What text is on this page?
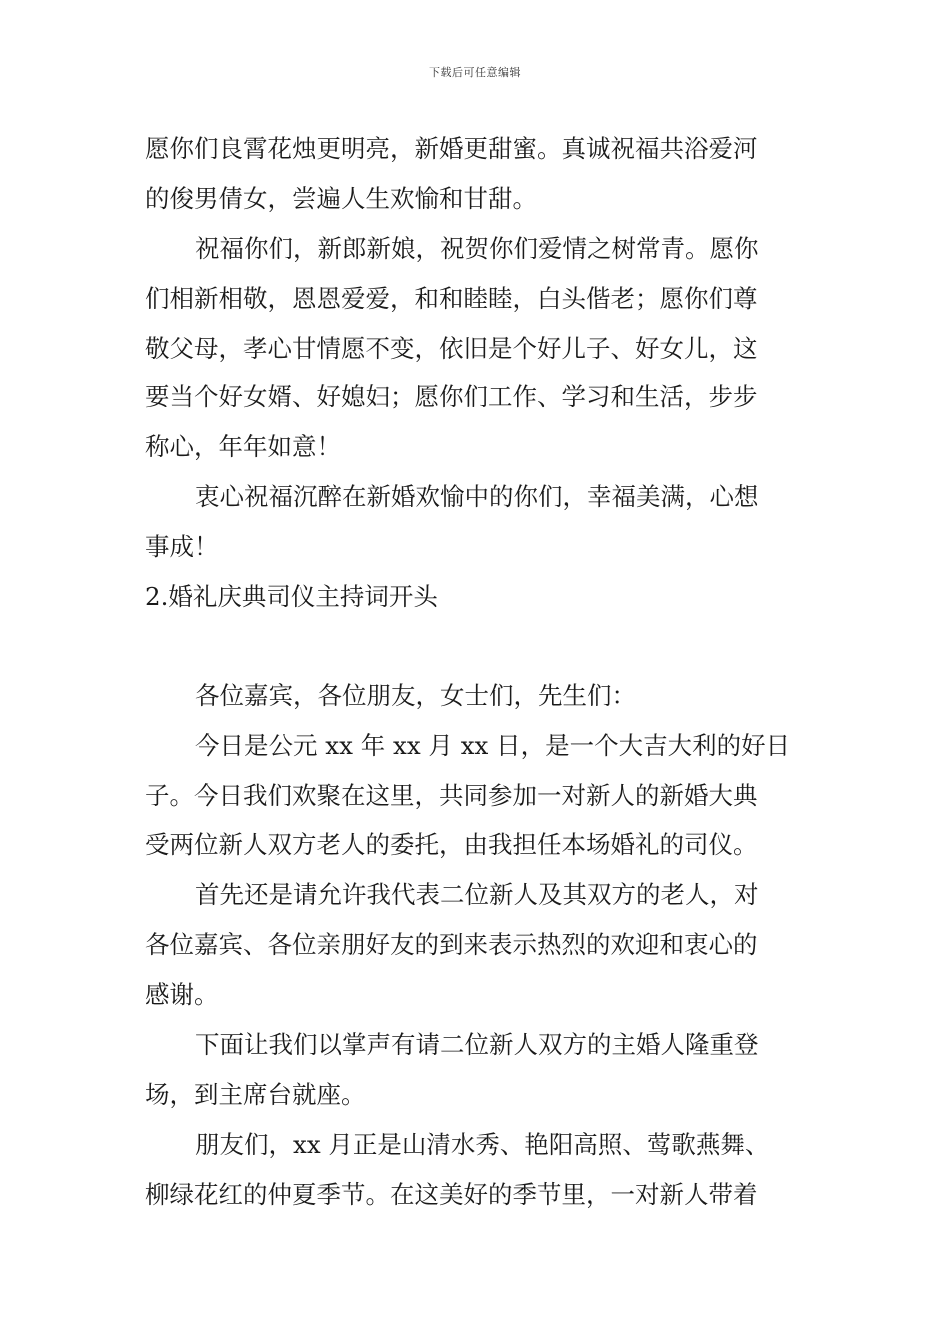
下载后可任意编辑
愿你们良霄花烛更明亮，新婚更甜蜜。真诚祝福共浴爱河
的俊男倩女，尝遍人生欢愉和甘甜。
祝福你们，新郎新娘，祝贺你们爱情之树常青。愿你
们相新相敬，恩恩爱爱，和和睦睦，白头偕老；愿你们尊
敬父母，孝心甘情愿不变，依旧是个好儿子、好女儿，这
要当个好女婿、好媳妇；愿你们工作、学习和生活，步步
称心，年年如意！
衷心祝福沉醉在新婚欢愉中的你们，幸福美满，心想
事成！
2.婚礼庆典司仪主持词开头
各位嘉宾，各位朋友，女士们，先生们：
今日是公元 xx 年 xx 月 xx 日，是一个大吉大利的好日
子。今日我们欢聚在这里，共同参加一对新人的新婚大典
受两位新人双方老人的委托，由我担任本场婚礼的司仪。
首先还是请允许我代表二位新人及其双方的老人，对
各位嘉宾、各位亲朋好友的到来表示热烈的欢迎和衷心的
感谢。
下面让我们以掌声有请二位新人双方的主婚人隆重登
场，到主席台就座。
朋友们，xx 月正是山清水秀、艳阳高照、莺歌燕舞、
柳绿花红的仲夏季节。在这美好的季节里，一对新人带着
